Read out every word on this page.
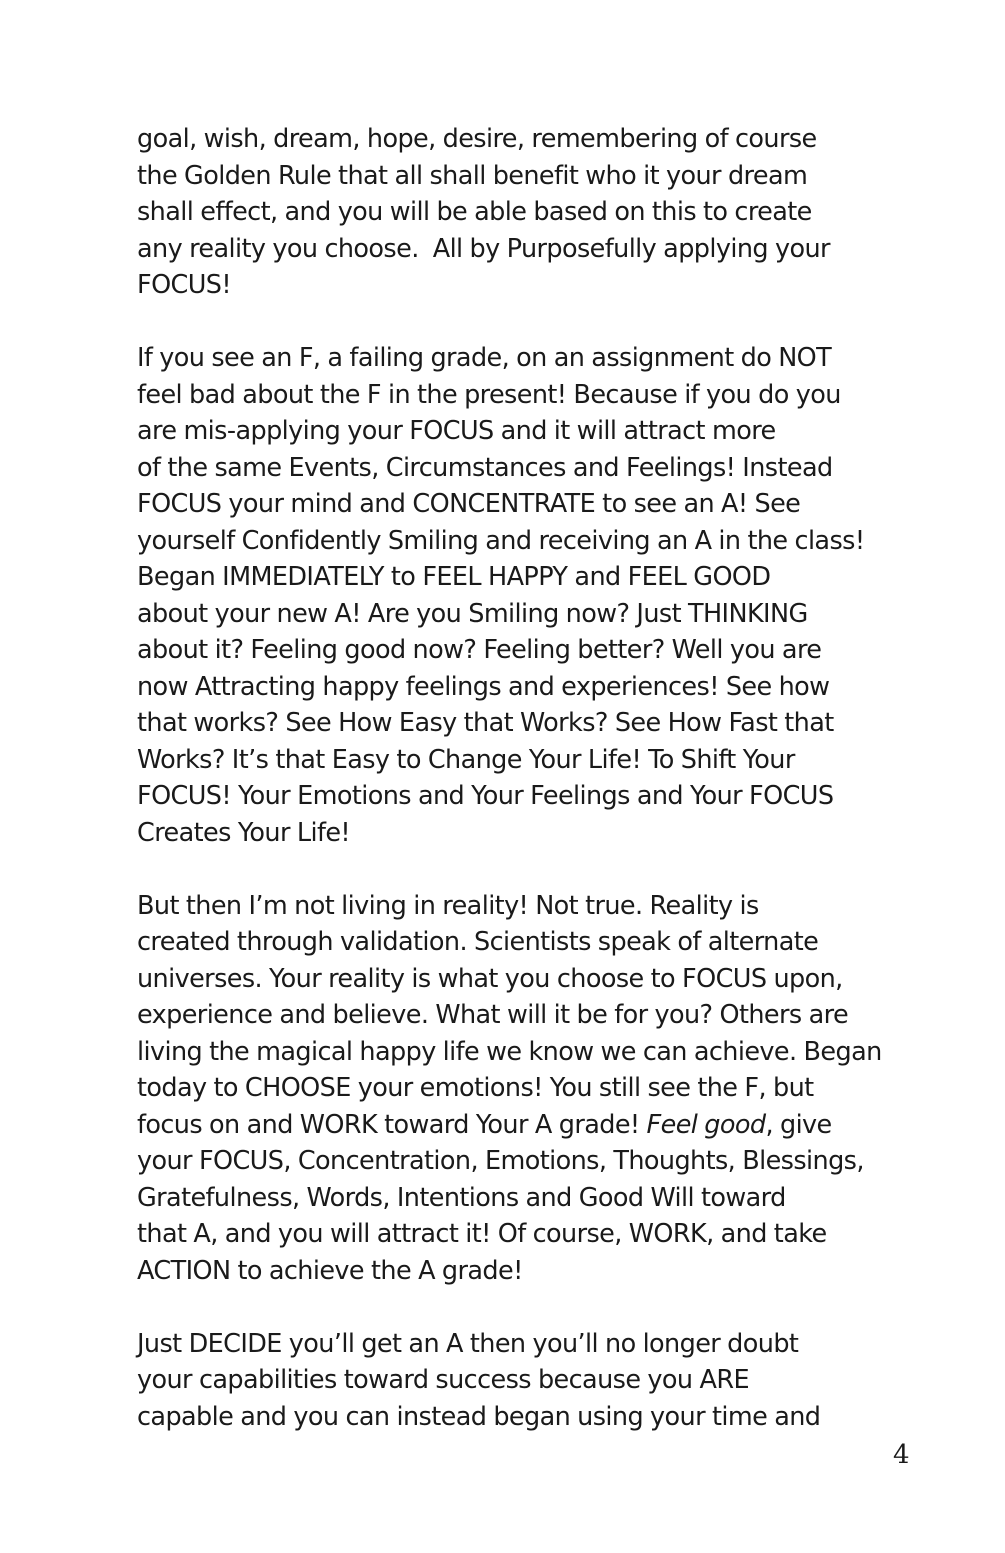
goal, wish, dream, hope, desire, remembering of course
the Golden Rule that all shall benefit who it your dream
shall effect, and you will be able based on this to create
any reality you choose.  All by Purposefully applying your
FOCUS!

If you see an F, a failing grade, on an assignment do NOT
feel bad about the F in the present! Because if you do you
are mis-applying your FOCUS and it will attract more
of the same Events, Circumstances and Feelings! Instead
FOCUS your mind and CONCENTRATE to see an A! See
yourself Confidently Smiling and receiving an A in the class!
Began IMMEDIATELY to FEEL HAPPY and FEEL GOOD
about your new A! Are you Smiling now? Just THINKING
about it? Feeling good now? Feeling better? Well you are
now Attracting happy feelings and experiences! See how
that works? See How Easy that Works? See How Fast that
Works? It’s that Easy to Change Your Life! To Shift Your
FOCUS! Your Emotions and Your Feelings and Your FOCUS
Creates Your Life!

But then I’m not living in reality! Not true. Reality is
created through validation. Scientists speak of alternate
universes. Your reality is what you choose to FOCUS upon,
experience and believe. What will it be for you? Others are
living the magical happy life we know we can achieve. Began
today to CHOOSE your emotions! You still see the F, but
focus on and WORK toward Your A grade! Feel good, give
your FOCUS, Concentration, Emotions, Thoughts, Blessings,
Gratefulness, Words, Intentions and Good Will toward
that A, and you will attract it! Of course, WORK, and take
ACTION to achieve the A grade!

Just DECIDE you’ll get an A then you’ll no longer doubt
your capabilities toward success because you ARE
capable and you can instead began using your time and

4
